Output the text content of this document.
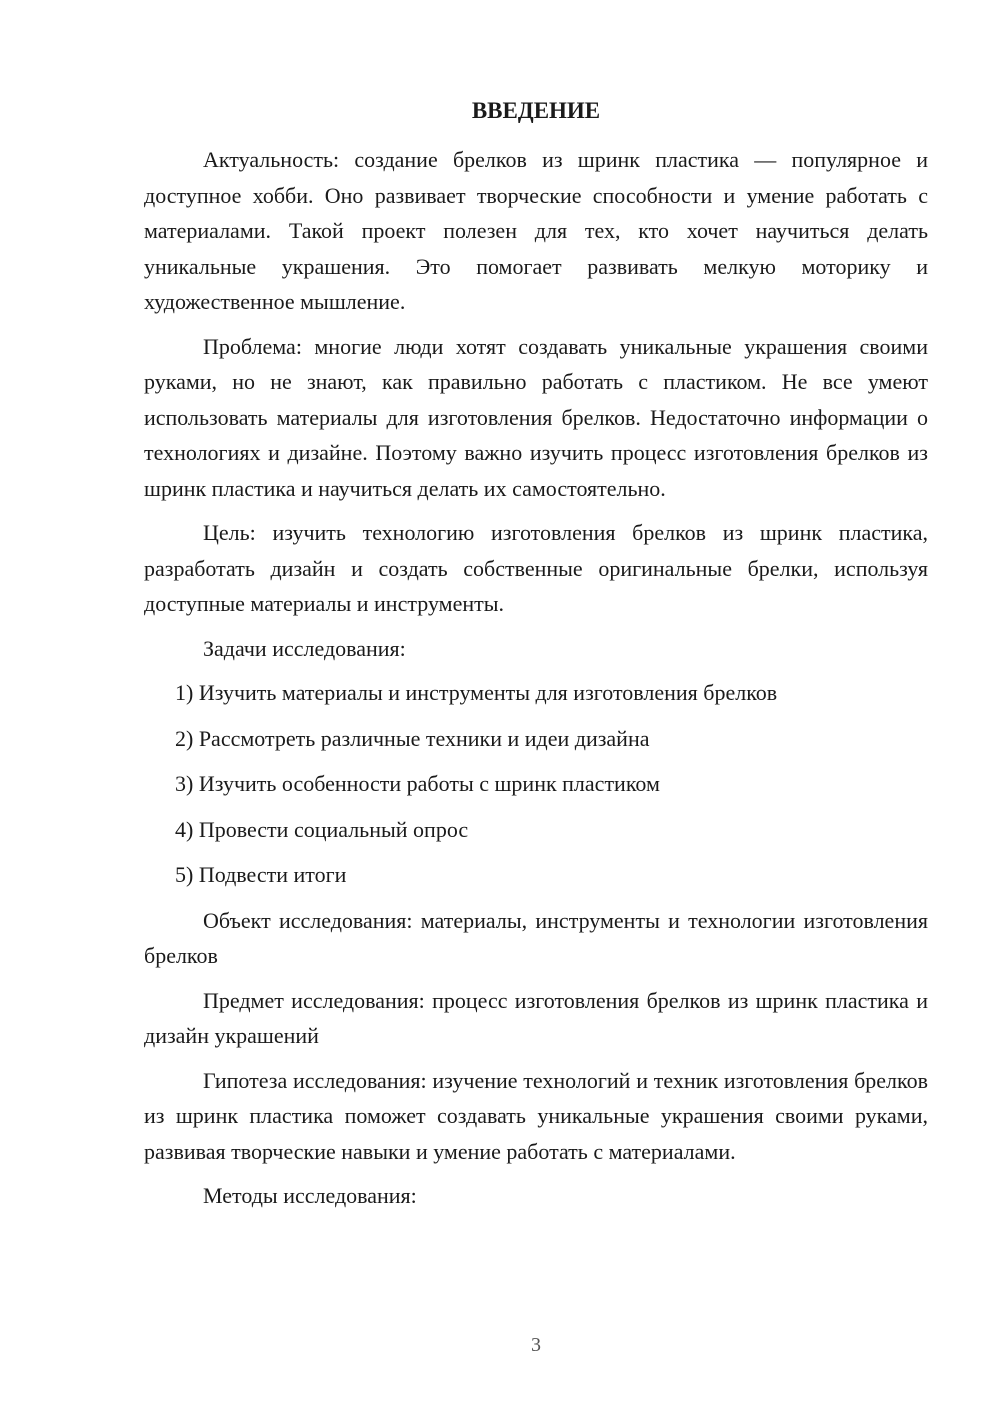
ВВЕДЕНИЕ

Актуальность: создание брелков из шринк пластика — популярное и доступное хобби. Оно развивает творческие способности и умение работать с материалами. Такой проект полезен для тех, кто хочет научиться делать уникальные украшения. Это помогает развивать мелкую моторику и художественное мышление.

Проблема: многие люди хотят создавать уникальные украшения своими руками, но не знают, как правильно работать с пластиком. Не все умеют использовать материалы для изготовления брелков. Недостаточно информации о технологиях и дизайне. Поэтому важно изучить процесс изготовления брелков из шринк пластика и научиться делать их самостоятельно.

Цель: изучить технологию изготовления брелков из шринк пластика, разработать дизайн и создать собственные оригинальные брелки, используя доступные материалы и инструменты.

Задачи исследования:

1) Изучить материалы и инструменты для изготовления брелков
2) Рассмотреть различные техники и идеи дизайна
3) Изучить особенности работы с шринк пластиком
4) Провести социальный опрос
5) Подвести итоги

Объект исследования: материалы, инструменты и технологии изготовления брелков

Предмет исследования: процесс изготовления брелков из шринк пластика и дизайн украшений

Гипотеза исследования: изучение технологий и техник изготовления брелков из шринк пластика поможет создавать уникальные украшения своими руками, развивая творческие навыки и умение работать с материалами.

Методы исследования:

3
